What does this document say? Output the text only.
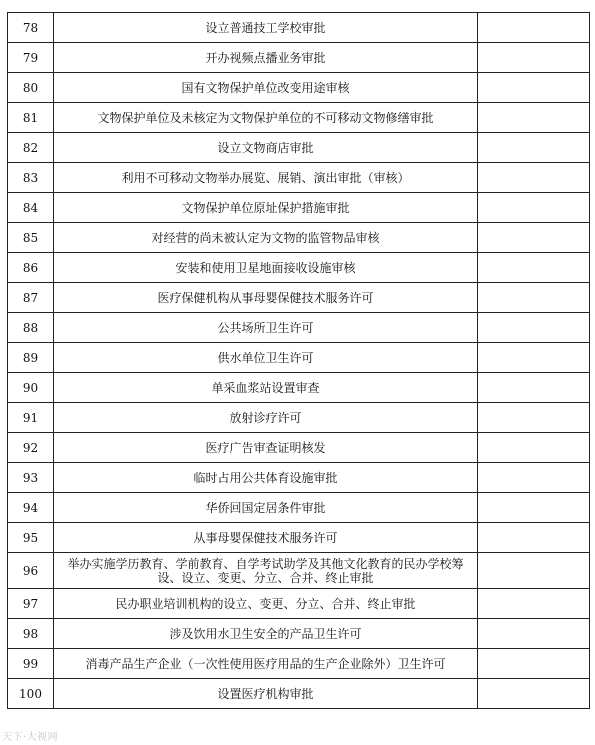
78	设立普通技工学校审批	
79	开办视频点播业务审批	
80	国有文物保护单位改变用途审核	
81	文物保护单位及未核定为文物保护单位的不可移动文物修缮审批	
82	设立文物商店审批	
83	利用不可移动文物举办展览、展销、演出审批（审核）	
84	文物保护单位原址保护措施审批	
85	对经营的尚未被认定为文物的监管物品审核	
86	安装和使用卫星地面接收设施审核	
87	医疗保健机构从事母婴保健技术服务许可	
88	公共场所卫生许可	
89	供水单位卫生许可	
90	单采血浆站设置审查	
91	放射诊疗许可	
92	医疗广告审查证明核发	
93	临时占用公共体育设施审批	
94	华侨回国定居条件审批	
95	从事母婴保健技术服务许可	
96	举办实施学历教育、学前教育、自学考试助学及其他文化教育的民办学校筹设、设立、变更、分立、合并、终止审批	
97	民办职业培训机构的设立、变更、分立、合并、终止审批	
98	涉及饮用水卫生安全的产品卫生许可	
99	消毒产品生产企业（一次性使用医疗用品的生产企业除外）卫生许可	
100	设置医疗机构审批	
天下·大视网
